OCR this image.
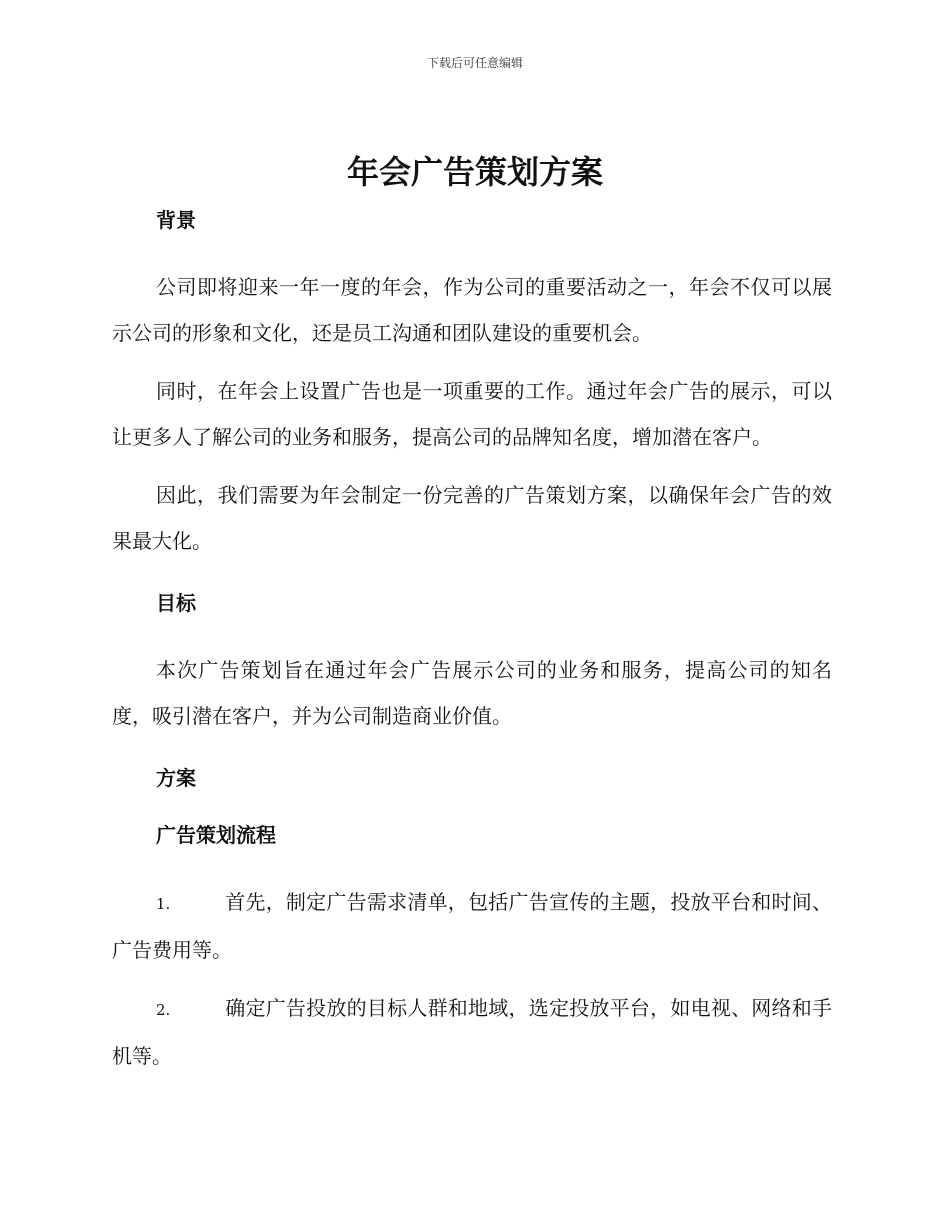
下载后可任意编辑
年会广告策划方案

背景

公司即将迎来一年一度的年会，作为公司的重要活动之一，年会不仅可以展示公司的形象和文化，还是员工沟通和团队建设的重要机会。

同时，在年会上设置广告也是一项重要的工作。通过年会广告的展示，可以让更多人了解公司的业务和服务，提高公司的品牌知名度，增加潜在客户。

因此，我们需要为年会制定一份完善的广告策划方案，以确保年会广告的效果最大化。

目标

本次广告策划旨在通过年会广告展示公司的业务和服务，提高公司的知名度，吸引潜在客户，并为公司制造商业价值。

方案

广告策划流程

1.	首先，制定广告需求清单，包括广告宣传的主题，投放平台和时间、广告费用等。

2.	确定广告投放的目标人群和地域，选定投放平台，如电视、网络和手机等。
